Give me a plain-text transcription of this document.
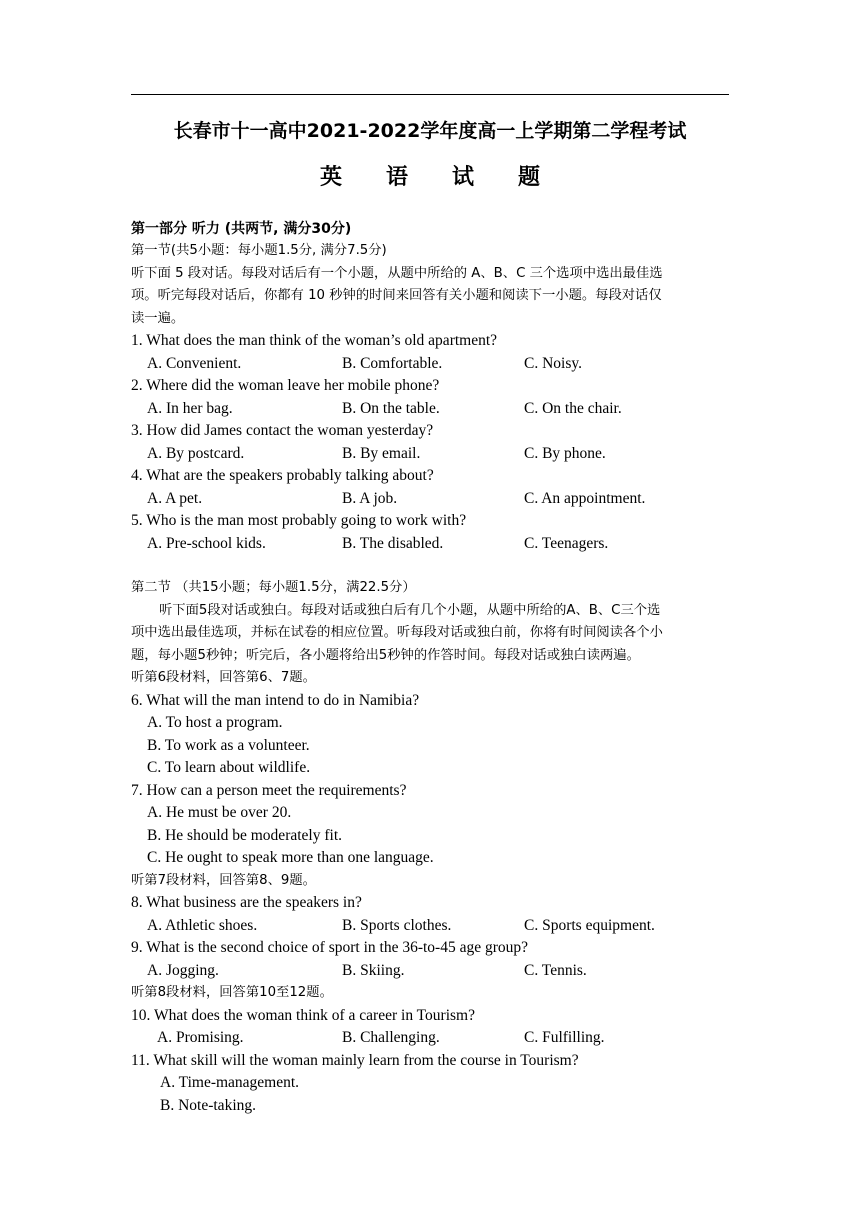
长春市十一高中2021-2022学年度高一上学期第二学程考试
英 语 试 题
第一部分 听力 (共两节, 满分30分)
第一节(共5小题：每小题1.5分, 满分7.5分)
听下面 5 段对话。每段对话后有一个小题，从题中所给的 A、B、C 三个选项中选出最佳选
项。听完每段对话后，你都有 10 秒钟的时间来回答有关小题和阅读下一小题。每段对话仅
读一遍。
1. What does the man think of the woman’s old apartment?
A. Convenient.	B. Comfortable.	C. Noisy.
2. Where did the woman leave her mobile phone?
A. In her bag.	B. On the table.	C. On the chair.
3. How did James contact the woman yesterday?
A. By postcard.	B. By email.	C. By phone.
4. What are the speakers probably talking about?
A. A pet.	B. A job.	C. An appointment.
5. Who is the man most probably going to work with?
A. Pre-school kids.	B. The disabled.	C. Teenagers.
第二节 （共15小题；每小题1.5分，满22.5分）
听下面5段对话或独白。每段对话或独白后有几个小题，从题中所给的A、B、C三个选
项中选出最佳选项，并标在试卷的相应位置。听每段对话或独白前，你将有时间阅读各个小
题，每小题5秒钟；听完后，各小题将给出5秒钟的作答时间。每段对话或独白读两遍。
听第6段材料，回答第6、7题。
6. What will the man intend to do in Namibia?
A. To host a program.
B. To work as a volunteer.
C. To learn about wildlife.
7. How can a person meet the requirements?
A. He must be over 20.
B. He should be moderately fit.
C. He ought to speak more than one language.
听第7段材料，回答第8、9题。
8. What business are the speakers in?
A. Athletic shoes.	B. Sports clothes.	C. Sports equipment.
9. What is the second choice of sport in the 36-to-45 age group?
A. Jogging.	B. Skiing.	C. Tennis.
听第8段材料，回答第10至12题。
10. What does the woman think of a career in Tourism?
A. Promising.	B. Challenging.	C. Fulfilling.
11. What skill will the woman mainly learn from the course in Tourism?
A. Time-management.
B. Note-taking.
